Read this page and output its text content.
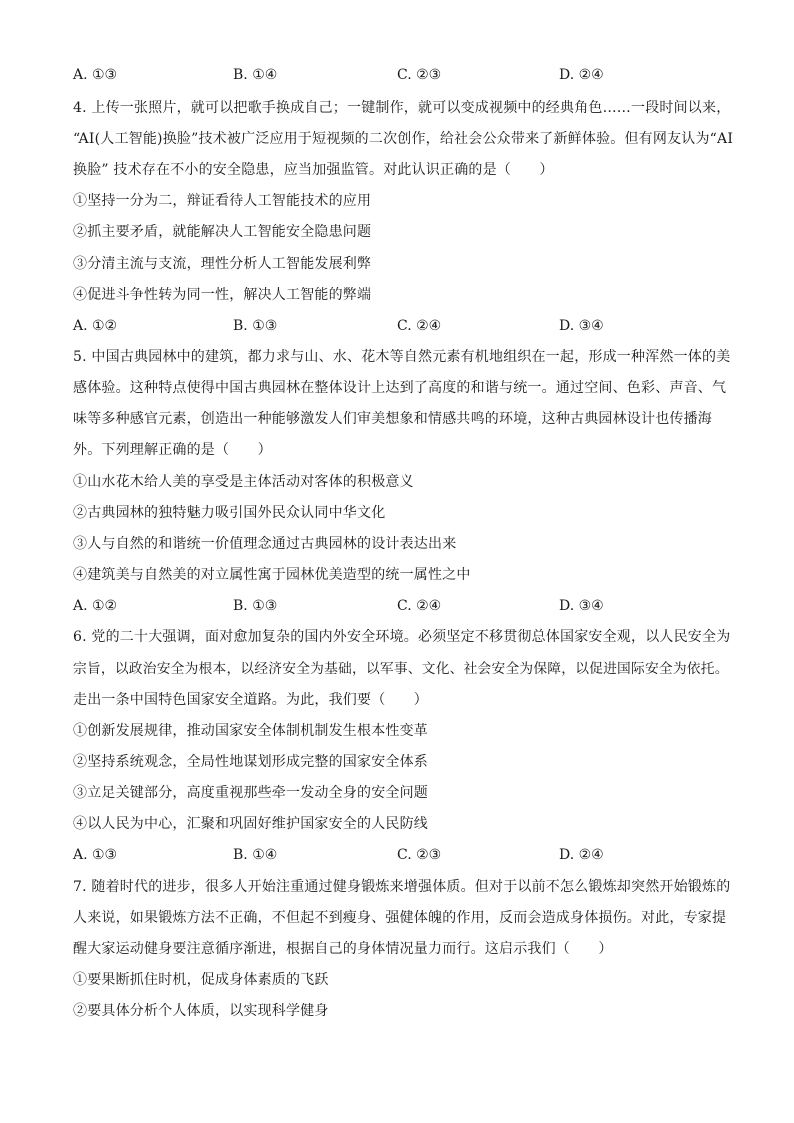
A. ①③	B. ①④	C. ②③	D. ②④
4. 上传一张照片，就可以把歌手换成自己；一键制作，就可以变成视频中的经典角色……一段时间以来，
“AI(人工智能)换脸”技术被广泛应用于短视频的二次创作，给社会公众带来了新鲜体验。但有网友认为“AI
换脸” 技术存在不小的安全隐患，应当加强监管。对此认识正确的是（　　）
①坚持一分为二，辩证看待人工智能技术的应用
②抓主要矛盾，就能解决人工智能安全隐患问题
③分清主流与支流，理性分析人工智能发展利弊
④促进斗争性转为同一性，解决人工智能的弊端
A. ①②	B. ①③	C. ②④	D. ③④
5. 中国古典园林中的建筑，都力求与山、水、花木等自然元素有机地组织在一起，形成一种浑然一体的美
感体验。这种特点使得中国古典园林在整体设计上达到了高度的和谐与统一。通过空间、色彩、声音、气
味等多种感官元素，创造出一种能够激发人们审美想象和情感共鸣的环境，这种古典园林设计也传播海
外。下列理解正确的是（　　）
①山水花木给人美的享受是主体活动对客体的积极意义
②古典园林的独特魅力吸引国外民众认同中华文化
③人与自然的和谐统一价值理念通过古典园林的设计表达出来
④建筑美与自然美的对立属性寓于园林优美造型的统一属性之中
A. ①②	B. ①③	C. ②④	D. ③④
6. 党的二十大强调，面对愈加复杂的国内外安全环境。必须坚定不移贯彻总体国家安全观，以人民安全为
宗旨，以政治安全为根本，以经济安全为基础，以军事、文化、社会安全为保障，以促进国际安全为依托。
走出一条中国特色国家安全道路。为此，我们要（　　）
①创新发展规律，推动国家安全体制机制发生根本性变革
②坚持系统观念，全局性地谋划形成完整的国家安全体系
③立足关键部分，高度重视那些牵一发动全身的安全问题
④以人民为中心，汇聚和巩固好维护国家安全的人民防线
A. ①③	B. ①④	C. ②③	D. ②④
7. 随着时代的进步，很多人开始注重通过健身锻炼来增强体质。但对于以前不怎么锻炼却突然开始锻炼的
人来说，如果锻炼方法不正确，不但起不到瘦身、强健体魄的作用，反而会造成身体损伤。对此，专家提
醒大家运动健身要注意循序渐进，根据自己的身体情况量力而行。这启示我们（　　）
①要果断抓住时机，促成身体素质的飞跃
②要具体分析个人体质，以实现科学健身
